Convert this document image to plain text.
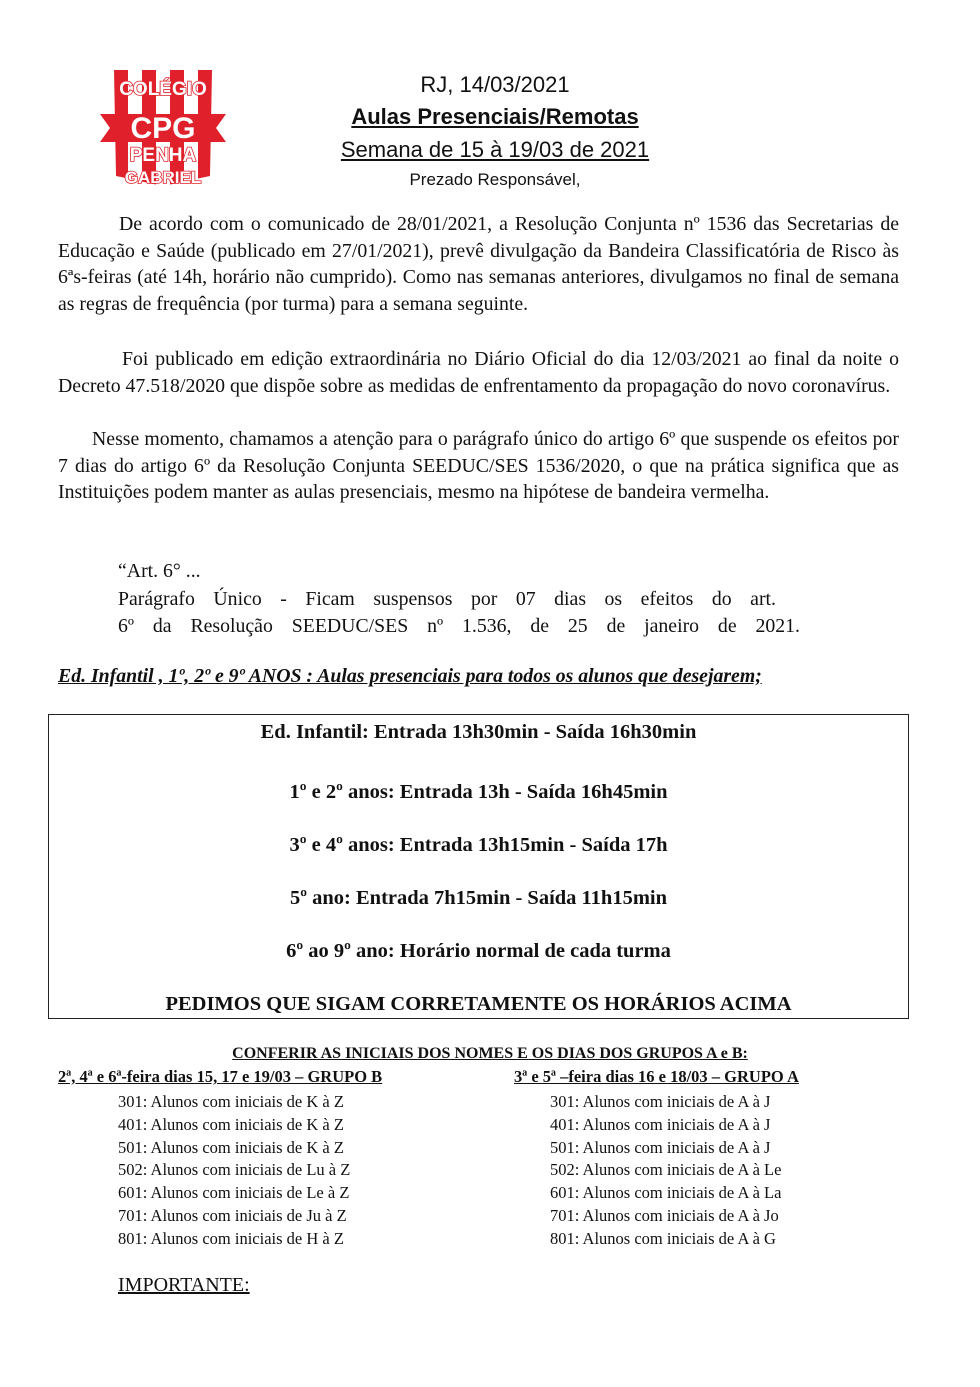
COLÉGIO
CPG
PENHA
GABRIEL
RJ, 14/03/2021
Aulas Presenciais/Remotas
Semana de 15 à 19/03 de 2021
Prezado Responsável,

De acordo com o comunicado de 28/01/2021, a Resolução Conjunta nº 1536 das Secretarias de Educação e Saúde (publicado em 27/01/2021), prevê divulgação da Bandeira Classificatória de Risco às 6ªs-feiras (até 14h, horário não cumprido). Como nas semanas anteriores, divulgamos no final de semana as regras de frequência (por turma) para a semana seguinte.

Foi publicado em edição extraordinária no Diário Oficial do dia 12/03/2021 ao final da noite o Decreto 47.518/2020 que dispõe sobre as medidas de enfrentamento da propagação do novo coronavírus.

Nesse momento, chamamos a atenção para o parágrafo único do artigo 6º que suspende os efeitos por 7 dias do artigo 6º da Resolução Conjunta SEEDUC/SES 1536/2020, o que na prática significa que as Instituições podem manter as aulas presenciais, mesmo na hipótese de bandeira vermelha.

“Art. 6° ...
Parágrafo Único - Ficam suspensos por 07 dias os efeitos do art.
6º da Resolução SEEDUC/SES nº 1.536, de 25 de janeiro de 2021.
Ed. Infantil , 1º, 2º e 9º ANOS : Aulas presenciais para todos os alunos que desejarem;
Ed. Infantil: Entrada 13h30min - Saída 16h30min
1º e 2º anos: Entrada 13h - Saída 16h45min
3º e 4º anos: Entrada 13h15min - Saída 17h
5º ano: Entrada 7h15min - Saída 11h15min
6º ao 9º ano: Horário normal de cada turma
PEDIMOS QUE SIGAM CORRETAMENTE OS HORÁRIOS ACIMA
CONFERIR AS INICIAIS DOS NOMES E OS DIAS DOS GRUPOS A e B:
2ª, 4ª e 6ª-feira dias 15, 17 e 19/03 – GRUPO B
301: Alunos com iniciais de K à Z
401: Alunos com iniciais de K à Z
501: Alunos com iniciais de K à Z
502: Alunos com iniciais de Lu à Z
601: Alunos com iniciais de Le à Z
701: Alunos com iniciais de Ju à Z
801: Alunos com iniciais de H à Z
3ª e 5ª –feira dias 16 e 18/03 – GRUPO A
301: Alunos com iniciais de A à J
401: Alunos com iniciais de A à J
501: Alunos com iniciais de A à J
502: Alunos com iniciais de A à Le
601: Alunos com iniciais de A à La
701: Alunos com iniciais de A à Jo
801: Alunos com iniciais de A à G
IMPORTANTE:
